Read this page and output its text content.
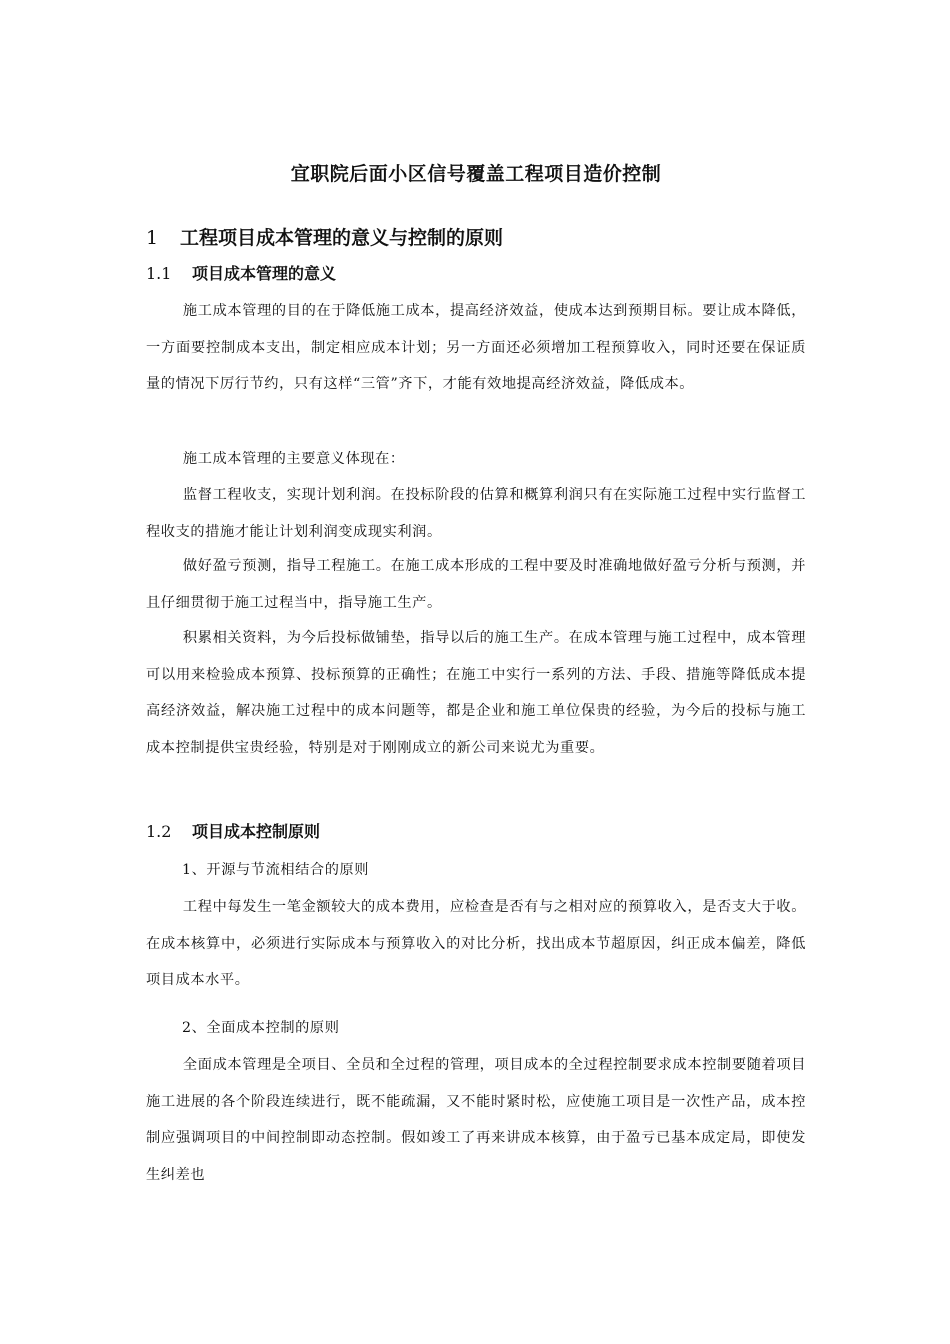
宜职院后面小区信号覆盖工程项目造价控制
1 工程项目成本管理的意义与控制的原则
1.1 项目成本管理的意义

施工成本管理的目的在于降低施工成本，提高经济效益，使成本达到预期目标。要让成本降低，一方面要控制成本支出，制定相应成本计划；另一方面还必须增加工程预算收入，同时还要在保证质量的情况下厉行节约，只有这样“三管”齐下，才能有效地提高经济效益，降低成本。

施工成本管理的主要意义体现在：

监督工程收支，实现计划利润。在投标阶段的估算和概算利润只有在实际施工过程中实行监督工程收支的措施才能让计划利润变成现实利润。

做好盈亏预测，指导工程施工。在施工成本形成的工程中要及时准确地做好盈亏分析与预测，并且仔细贯彻于施工过程当中，指导施工生产。

积累相关资料，为今后投标做铺垫，指导以后的施工生产。在成本管理与施工过程中，成本管理可以用来检验成本预算、投标预算的正确性；在施工中实行一系列的方法、手段、措施等降低成本提高经济效益，解决施工过程中的成本问题等，都是企业和施工单位保贵的经验，为今后的投标与施工成本控制提供宝贵经验，特别是对于刚刚成立的新公司来说尤为重要。

1.2 项目成本控制原则

1、开源与节流相结合的原则

工程中每发生一笔金额较大的成本费用，应检查是否有与之相对应的预算收入，是否支大于收。在成本核算中，必须进行实际成本与预算收入的对比分析，找出成本节超原因，纠正成本偏差，降低项目成本水平。

2、全面成本控制的原则

全面成本管理是全项目、全员和全过程的管理，项目成本的全过程控制要求成本控制要随着项目施工进展的各个阶段连续进行，既不能疏漏，又不能时紧时松，应使施工项目是一次性产品，成本控制应强调项目的中间控制即动态控制。假如竣工了再来讲成本核算，由于盈亏已基本成定局，即使发生纠差也
